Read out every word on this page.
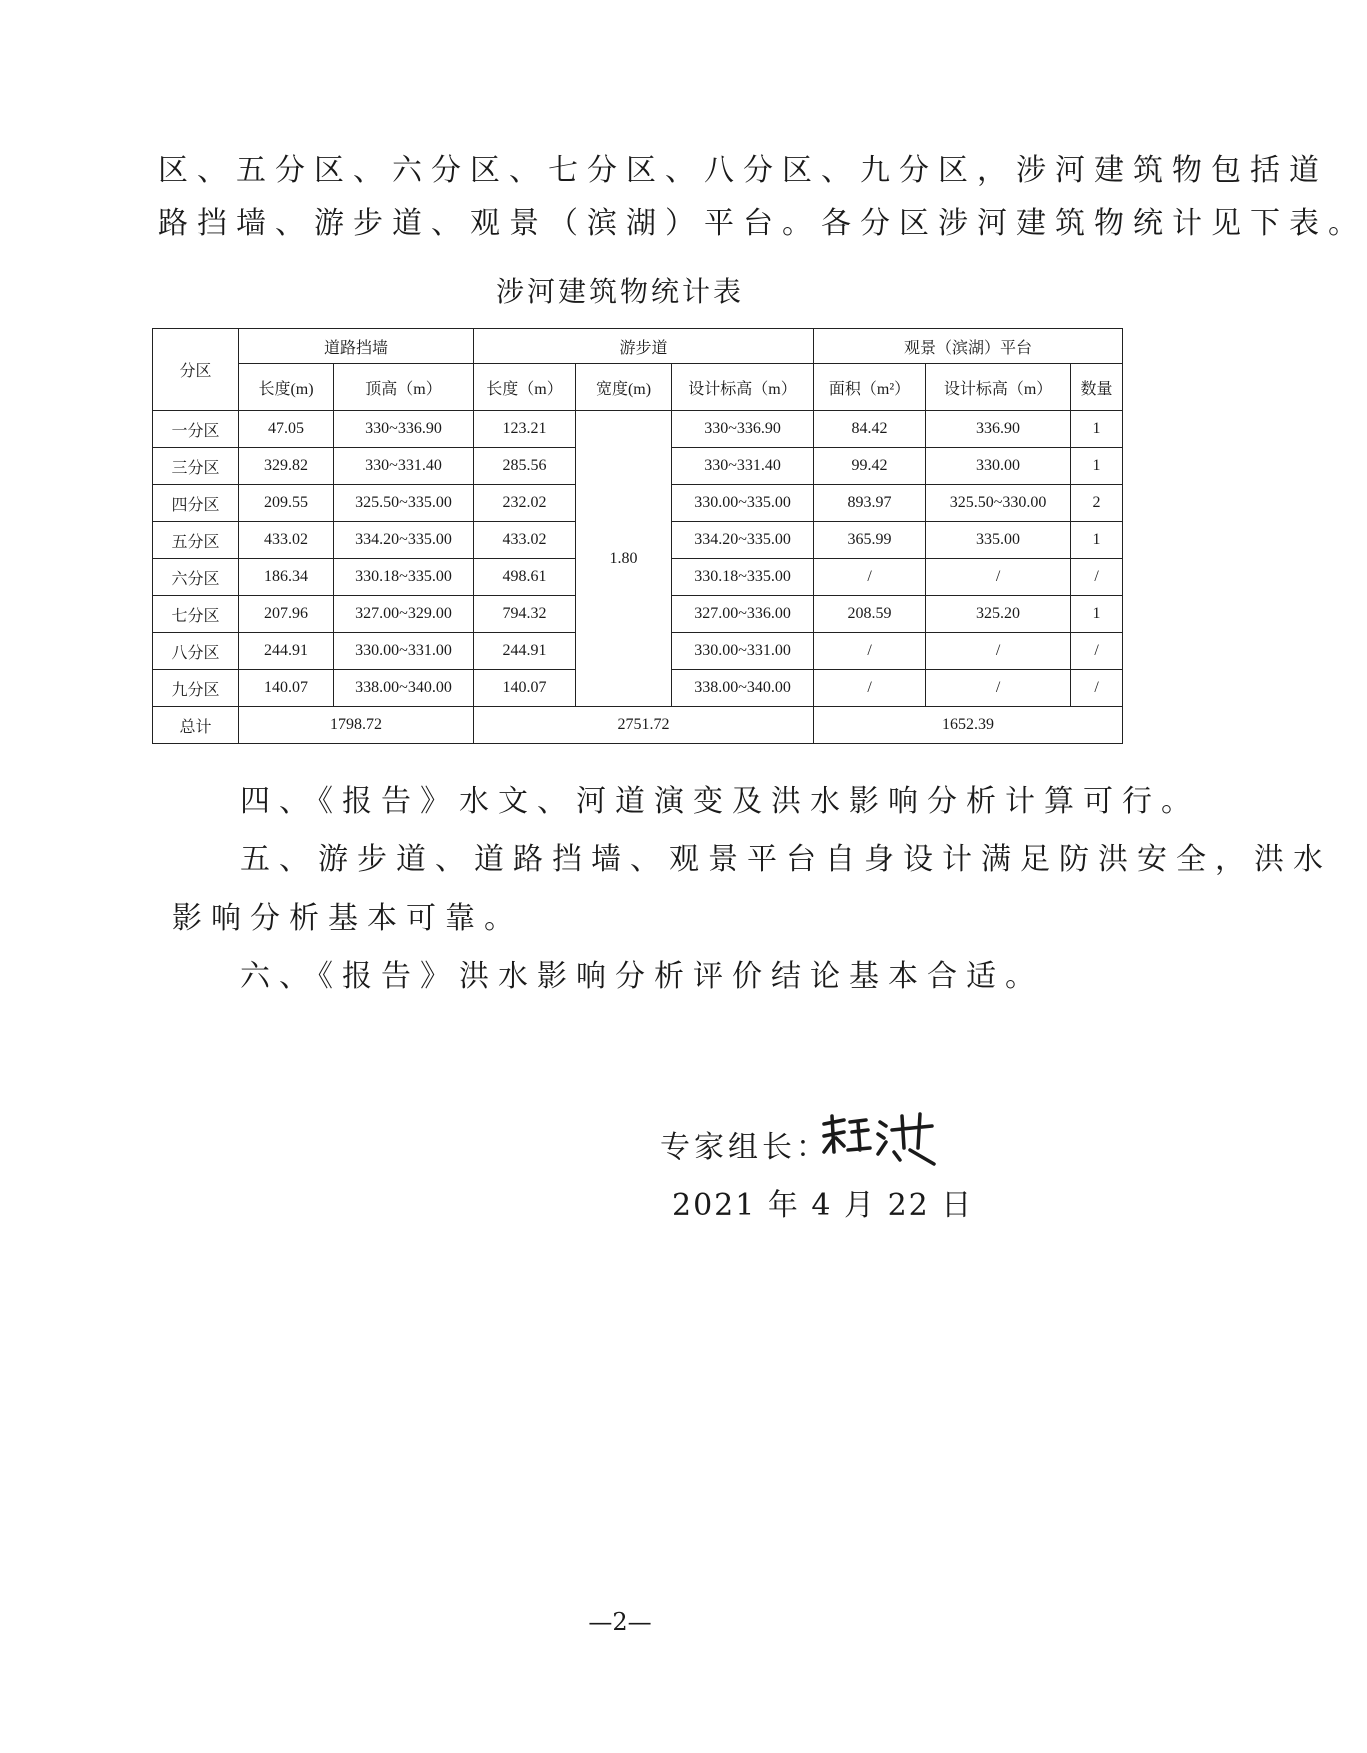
区、五分区、六分区、七分区、八分区、九分区，涉河建筑物包括道
路挡墙、游步道、观景（滨湖）平台。各分区涉河建筑物统计见下表。
涉河建筑物统计表
分区	道路挡墙		游步道			观景（滨湖）平台		
	长度(m)	顶高（m）	长度（m）	宽度(m)	设计标高（m）	面积（m²）	设计标高（m）	数量
一分区	47.05	330~336.90	123.21	1.80	330~336.90	84.42	336.90	1
三分区	329.82	330~331.40	285.56		330~331.40	99.42	330.00	1
四分区	209.55	325.50~335.00	232.02		330.00~335.00	893.97	325.50~330.00	2
五分区	433.02	334.20~335.00	433.02		334.20~335.00	365.99	335.00	1
六分区	186.34	330.18~335.00	498.61		330.18~335.00	/	/	/
七分区	207.96	327.00~329.00	794.32		327.00~336.00	208.59	325.20	1
八分区	244.91	330.00~331.00	244.91		330.00~331.00	/	/	/
九分区	140.07	338.00~340.00	140.07		338.00~340.00	/	/	/
总计	1798.72		2751.72			1652.39		
四、《报告》水文、河道演变及洪水影响分析计算可行。
五、游步道、道路挡墙、观景平台自身设计满足防洪安全，洪水
影响分析基本可靠。
六、《报告》洪水影响分析评价结论基本合适。
专家组长：
2021 年 4 月 22 日
—2—
